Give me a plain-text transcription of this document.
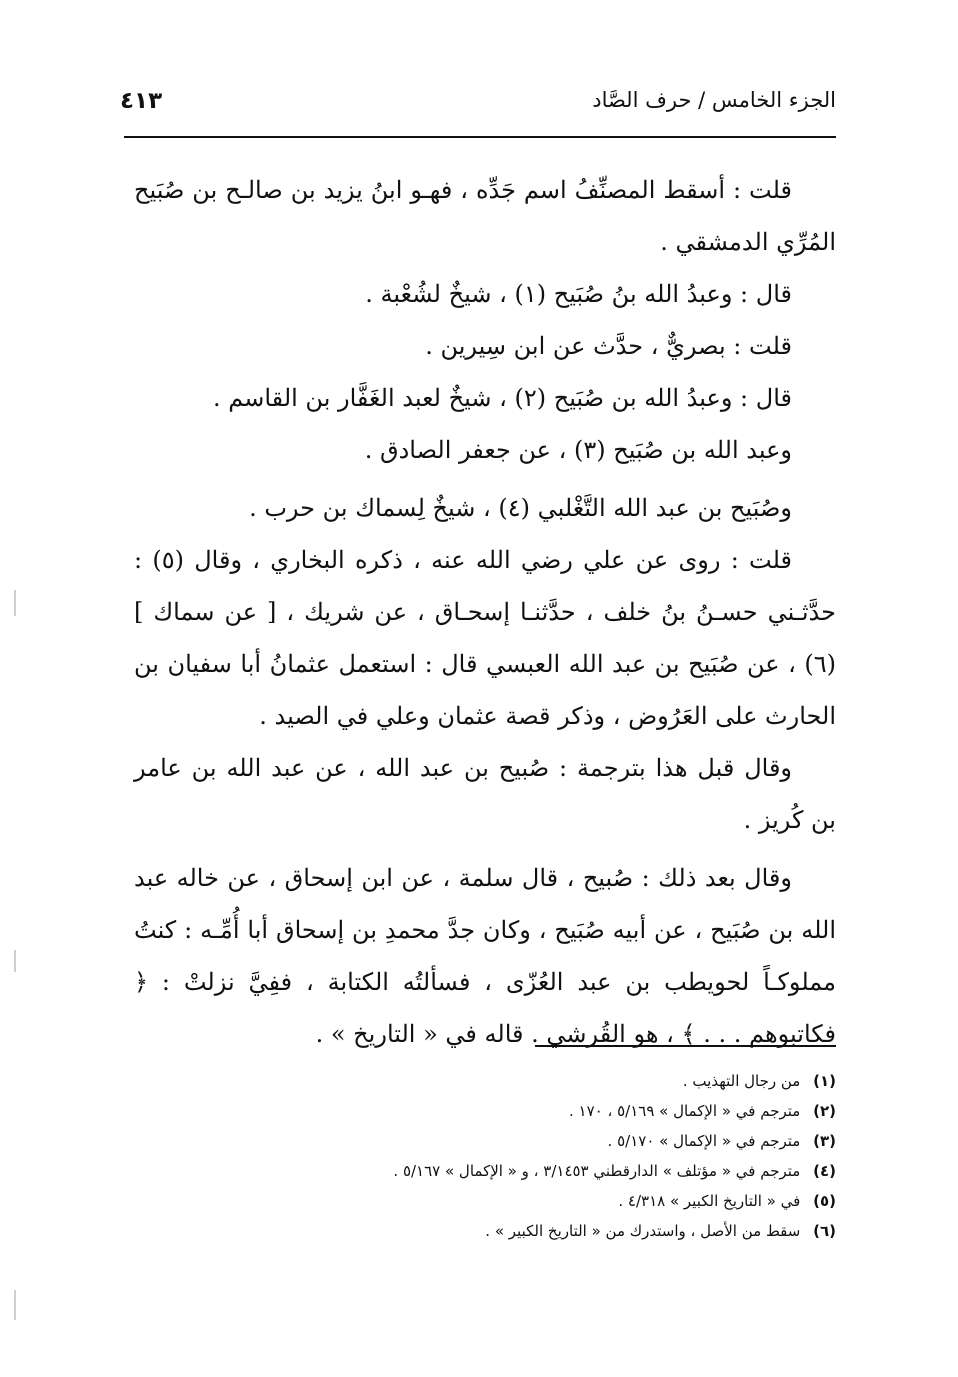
الجزء الخامس / حرف الصَّاد
٤١٣

قلت : أسقط المصنِّفُ اسم جَدِّه ، فهـو ابنُ يزيد بن صالـح بن صُبَيح المُرِّي الدمشقي .

قال : وعبدُ الله بنُ صُبَيح (١) ، شيخٌ لشُعْبة .

قلت : بصريٌّ ، حدَّث عن ابن سِيرين .

قال : وعبدُ الله بن صُبَيح (٢) ، شيخٌ لعبد الغَفَّار بن القاسم .

وعبد الله بن صُبَيح (٣) ، عن جعفر الصادق .

وصُبَيح بن عبد الله التَّغْلبي (٤) ، شيخٌ لِسماك بن حرب .

قلت : روى عن علي رضي الله عنه ، ذكره البخاري ، وقال (٥) : حدَّثـني حسـنُ بنُ خلف ، حدَّثنـا إسحـاق ، عن شريك ، [ عن سماك ] (٦) ، عن صُبَيح بن عبد الله العبسي قال : استعمل عثمانُ أبا سفيان بن الحارث على العَرُوض ، وذكر قصة عثمان وعلي في الصيد .

وقال قبل هذا بترجمة : صُبيح بن عبد الله ، عن عبد الله بن عامر بن كُريز .

وقال بعد ذلك : صُبيح ، قال سلمة ، عن ابن إسحاق ، عن خاله عبد الله بن صُبَيح ، عن أبيه صُبَيح ، وكان جدَّ محمدِ بن إسحاق أبا أُمِّـه : كنتُ مملوكـاً لحويطب بن عبد العُزّى ، فسألتُه الكتابة ، ففِيَّ نزلتْ : ﴿ فكاتبوهم . . . ﴾ ، هو القُرشي . قاله في « التاريخ » .

(١) من رجال التهذيب .

(٢) مترجم في « الإكمال » ٥/١٦٩ ، ١٧٠ .

(٣) مترجم في « الإكمال » ٥/١٧٠ .

(٤) مترجم في « مؤتلف » الدارقطني ٣/١٤٥٣ ، و « الإكمال » ٥/١٦٧ .

(٥) في « التاريخ الكبير » ٤/٣١٨ .

(٦) سقط من الأصل ، واستدرك من « التاريخ الكبير » .
